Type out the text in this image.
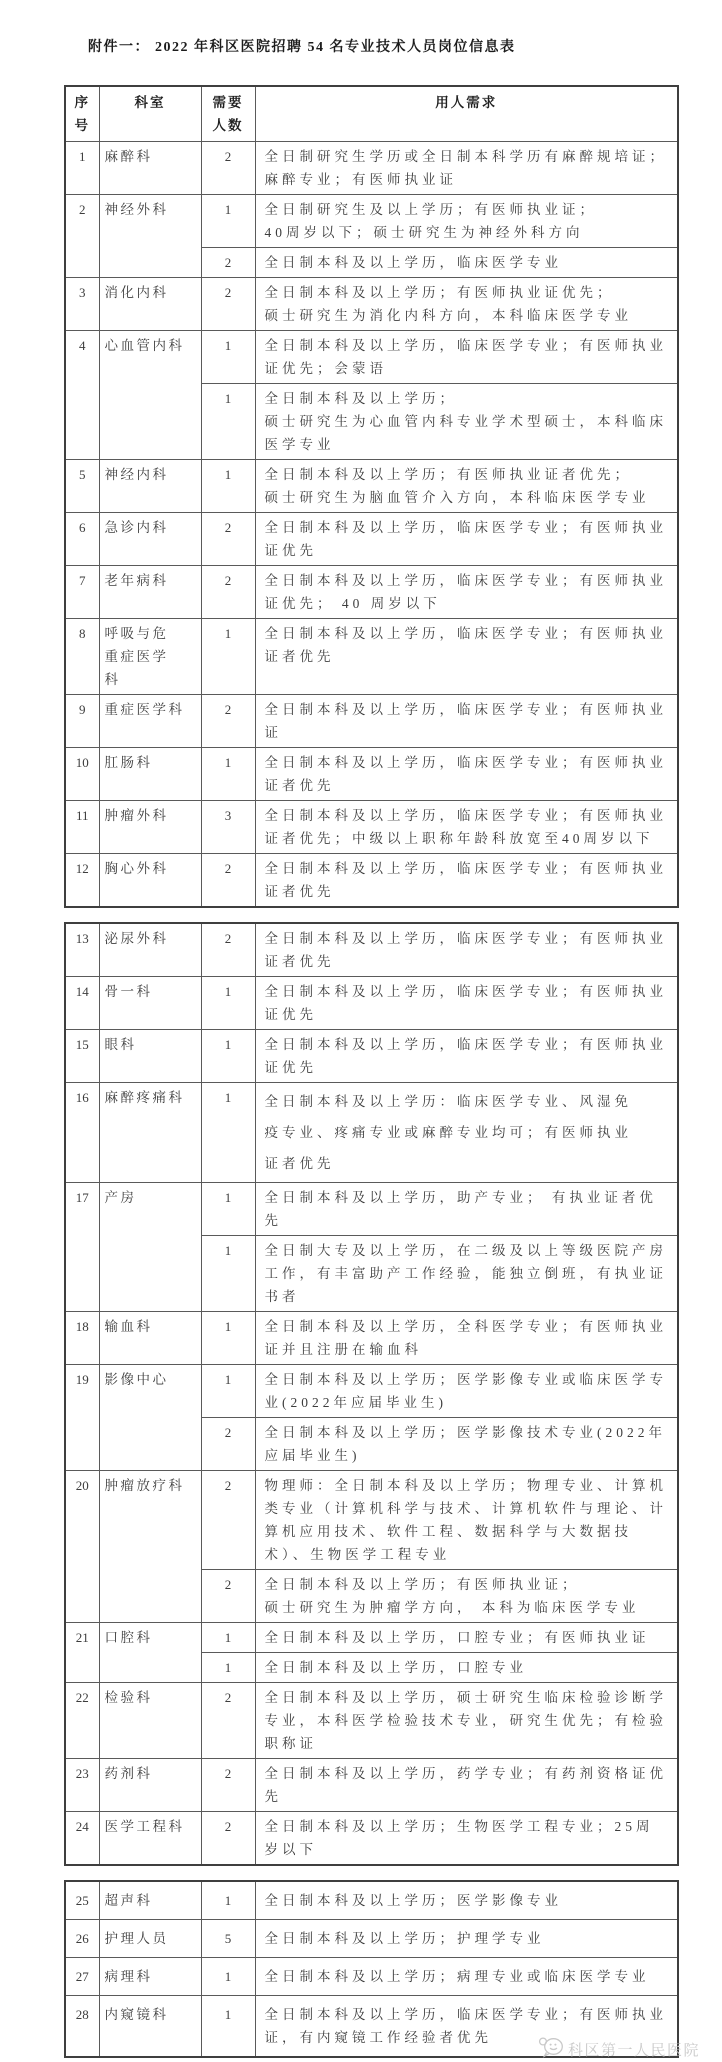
附件一： 2022 年科区医院招聘 54 名专业技术人员岗位信息表

序号	科室	需要人数	用人需求
1	麻醉科	2	全日制研究生学历或全日制本科学历有麻醉规培证；麻醉专业；有医师执业证

2	神经外科	1	全日制研究生及以上学历；有医师执业证；
40周岁以下；硕士研究生为神经外科方向

		2	全日制本科及以上学历，临床医学专业

3	消化内科	2	全日制本科及以上学历；有医师执业证优先；
硕士研究生为消化内科方向，本科临床医学专业

4	心血管内科	1	全日制本科及以上学历，临床医学专业；有医师执业证优先；会蒙语

		1	全日制本科及以上学历；
硕士研究生为心血管内科专业学术型硕士，本科临床医学专业

5	神经内科	1	全日制本科及以上学历；有医师执业证者优先；
硕士研究生为脑血管介入方向，本科临床医学专业

6	急诊内科	2	全日制本科及以上学历，临床医学专业；有医师执业证优先

7	老年病科	2	全日制本科及以上学历，临床医学专业；有医师执业证优先； 40 周岁以下

8	呼吸与危
重症医学
科	1	全日制本科及以上学历，临床医学专业；有医师执业证者优先

9	重症医学科	2	全日制本科及以上学历，临床医学专业；有医师执业证

10	肛肠科	1	全日制本科及以上学历，临床医学专业；有医师执业证者优先

11	肿瘤外科	3	全日制本科及以上学历，临床医学专业；有医师执业证者优先；中级以上职称年龄科放宽至40周岁以下

12	胸心外科	2	全日制本科及以上学历，临床医学专业；有医师执业证者优先
13	泌尿外科	2	全日制本科及以上学历，临床医学专业；有医师执业证者优先

14	骨一科	1	全日制本科及以上学历，临床医学专业；有医师执业证优先

15	眼科	1	全日制本科及以上学历，临床医学专业；有医师执业证优先

16	麻醉疼痛科	1	全日制本科及以上学历：临床医学专业、风湿免
疫专业、疼痛专业或麻醉专业均可；有医师执业
证者优先

17	产房	1	全日制本科及以上学历，助产专业； 有执业证者优先

		1	全日制大专及以上学历，在二级及以上等级医院产房工作，有丰富助产工作经验，能独立倒班，有执业证书者

18	输血科	1	全日制本科及以上学历，全科医学专业；有医师执业证并且注册在输血科

19	影像中心	1	全日制本科及以上学历；医学影像专业或临床医学专业(2022年应届毕业生)

		2	全日制本科及以上学历；医学影像技术专业(2022年应届毕业生)

20	肿瘤放疗科	2	物理师：全日制本科及以上学历；物理专业、计算机类专业（计算机科学与技术、计算机软件与理论、计算机应用技术、软件工程、数据科学与大数据技术）、生物医学工程专业

		2	全日制本科及以上学历；有医师执业证；
硕士研究生为肿瘤学方向， 本科为临床医学专业

21	口腔科	1	全日制本科及以上学历，口腔专业；有医师执业证

		1	全日制本科及以上学历，口腔专业

22	检验科	2	全日制本科及以上学历，硕士研究生临床检验诊断学专业，本科医学检验技术专业，研究生优先；有检验职称证

23	药剂科	2	全日制本科及以上学历，药学专业；有药剂资格证优先

24	医学工程科	2	全日制本科及以上学历；生物医学工程专业；25周岁以下
25	超声科	1	全日制本科及以上学历；医学影像专业

26	护理人员	5	全日制本科及以上学历；护理学专业

27	病理科	1	全日制本科及以上学历；病理专业或临床医学专业

28	内窥镜科	1	全日制本科及以上学历，临床医学专业；有医师执业证，有内窥镜工作经验者优先
科区第一人民医院
